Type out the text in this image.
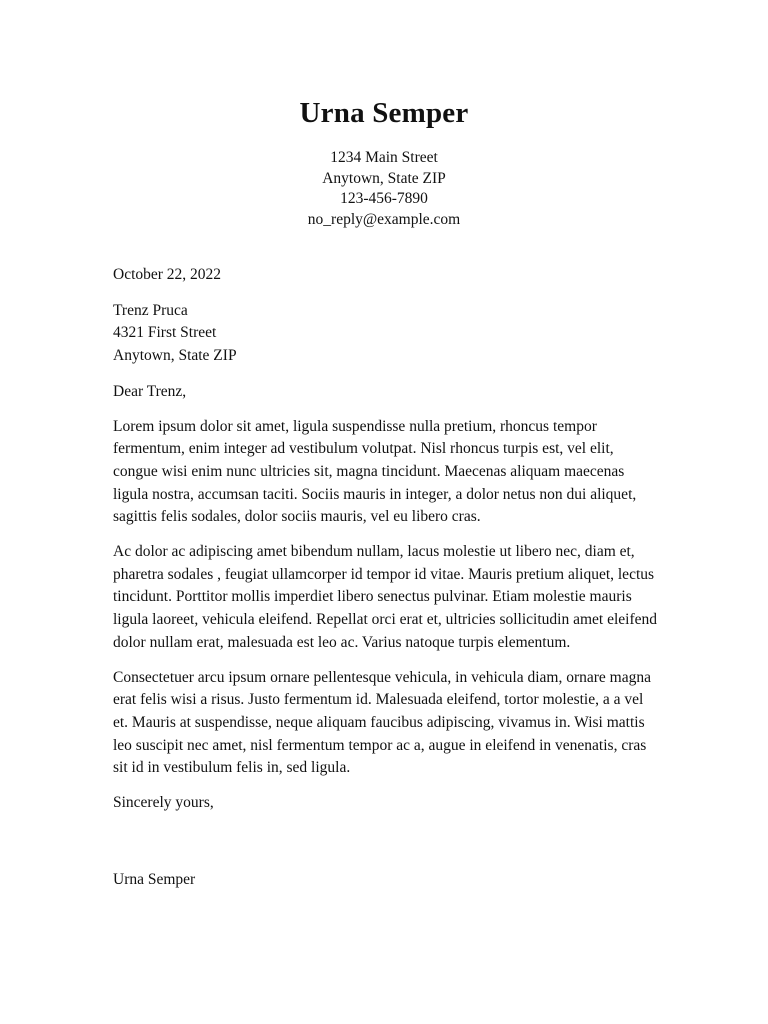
Urna Semper
1234 Main Street
Anytown, State ZIP
123-456-7890
no_reply@example.com
October 22, 2022
Trenz Pruca
4321 First Street
Anytown, State ZIP
Dear Trenz,

Lorem ipsum dolor sit amet, ligula suspendisse nulla pretium, rhoncus tempor fermentum, enim integer ad vestibulum volutpat. Nisl rhoncus turpis est, vel elit, congue wisi enim nunc ultricies sit, magna tincidunt. Maecenas aliquam maecenas ligula nostra, accumsan taciti. Sociis mauris in integer, a dolor netus non dui aliquet, sagittis felis sodales, dolor sociis mauris, vel eu libero cras.

Ac dolor ac adipiscing amet bibendum nullam, lacus molestie ut libero nec, diam et, pharetra sodales , feugiat ullamcorper id tempor id vitae. Mauris pretium aliquet, lectus tincidunt. Porttitor mollis imperdiet libero senectus pulvinar. Etiam molestie mauris ligula laoreet, vehicula eleifend. Repellat orci erat et, ultricies sollicitudin amet eleifend dolor nullam erat, malesuada est leo ac. Varius natoque turpis elementum.

Consectetuer arcu ipsum ornare pellentesque vehicula, in vehicula diam, ornare magna erat felis wisi a risus. Justo fermentum id. Malesuada eleifend, tortor molestie, a a vel et. Mauris at suspendisse, neque aliquam faucibus adipiscing, vivamus in. Wisi mattis leo suscipit nec amet, nisl fermentum tempor ac a, augue in eleifend in venenatis, cras sit id in vestibulum felis in, sed ligula.

Sincerely yours,
Urna Semper
